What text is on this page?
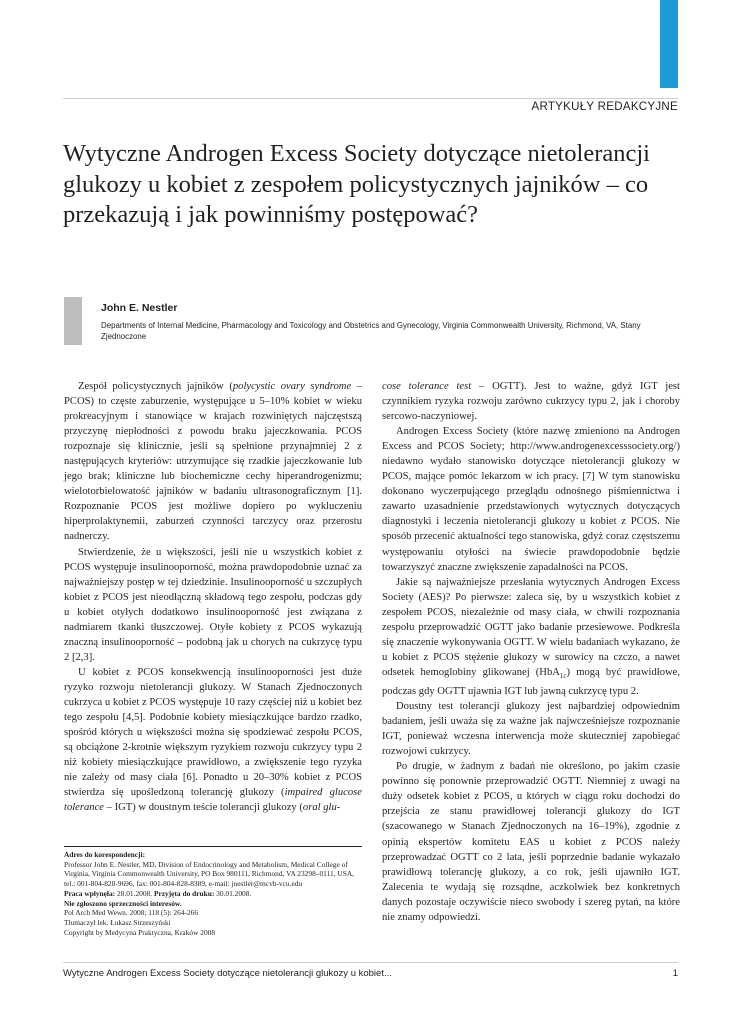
ARTYKUŁY REDAKCYJNE
Wytyczne Androgen Excess Society dotyczące nietolerancji glukozy u kobiet z zespołem policystycznych jajników – co przekazują i jak powinniśmy postępować?
John E. Nestler
Departments of Internal Medicine, Pharmacology and Toxicology and Obstetrics and Gynecology, Virginia Commonwealth University, Richmond, VA, Stany Zjednoczone

Zespół policystycznych jajników (polycystic ovary syndrome – PCOS) to częste zaburzenie, występujące u 5–10% kobiet w wieku prokreacyjnym i stanowiące w krajach rozwiniętych najczęstszą przyczynę niepłodności z powodu braku jajeczkowania. PCOS rozpoznaje się klinicznie, jeśli są spełnione przynajmniej 2 z następujących kryteriów: utrzymujące się rzadkie jajeczkowanie lub jego brak; kliniczne lub biochemiczne cechy hiperandrogenizmu; wielotorbielowatość jajników w badaniu ultrasonograficznym [1]. Rozpoznanie PCOS jest możliwe dopiero po wykluczeniu hiperprolaktynemii, zaburzeń czynności tarczycy oraz przerostu nadnerczy.

Stwierdzenie, że u większości, jeśli nie u wszystkich kobiet z PCOS występuje insulinooporność, można prawdopodobnie uznać za najważniejszy postęp w tej dziedzinie. Insulinooporność u szczupłych kobiet z PCOS jest nieodłączną składową tego zespołu, podczas gdy u kobiet otyłych dodatkowo insulinooporność jest związana z nadmiarem tkanki tłuszczowej. Otyłe kobiety z PCOS wykazują znaczną insulinooporność – podobną jak u chorych na cukrzycę typu 2 [2,3].

U kobiet z PCOS konsekwencją insulinooporności jest duże ryzyko rozwoju nietolerancji glukozy. W Stanach Zjednoczonych cukrzyca u kobiet z PCOS występuje 10 razy częściej niż u kobiet bez tego zespołu [4,5]. Podobnie kobiety miesiączkujące bardzo rzadko, spośród których u większości można się spodziewać zespołu PCOS, są obciążone 2-krotnie większym ryzykiem rozwoju cukrzycy typu 2 niż kobiety miesiączkujące prawidłowo, a zwiększenie tego ryzyka nie zależy od masy ciała [6]. Ponadto u 20–30% kobiet z PCOS stwierdza się upośledzoną tolerancję glukozy (impaired glucose tolerance – IGT) w doustnym teście tolerancji glukozy (oral glu-

cose tolerance test – OGTT). Jest to ważne, gdyż IGT jest czynnikiem ryzyka rozwoju zarówno cukrzycy typu 2, jak i choroby sercowo-naczyniowej.

Androgen Excess Society (które nazwę zmieniono na Androgen Excess and PCOS Society; http://www.androgenexcesssociety.org/) niedawno wydało stanowisko dotyczące nietolerancji glukozy w PCOS, mające pomóc lekarzom w ich pracy. [7] W tym stanowisku dokonano wyczerpującego przeglądu odnośnego piśmiennictwa i zawarto uzasadnienie przedstawionych wytycznych dotyczących diagnostyki i leczenia nietolerancji glukozy u kobiet z PCOS. Nie sposób przecenić aktualności tego stanowiska, gdyż coraz częstszemu występowaniu otyłości na świecie prawdopodobnie będzie towarzyszyć znaczne zwiększenie zapadalności na PCOS.

Jakie są najważniejsze przesłania wytycznych Androgen Excess Society (AES)? Po pierwsze: zaleca się, by u wszystkich kobiet z zespołem PCOS, niezależnie od masy ciała, w chwili rozpoznania zespołu przeprowadzić OGTT jako badanie przesiewowe. Podkreśla się znaczenie wykonywania OGTT. W wielu badaniach wykazano, że u kobiet z PCOS stężenie glukozy w surowicy na czczo, a nawet odsetek hemoglobiny glikowanej (HbA$_{1c}$) mogą być prawidłowe, podczas gdy OGTT ujawnia IGT lub jawną cukrzycę typu 2.

Doustny test tolerancji glukozy jest najbardziej odpowiednim badaniem, jeśli uważa się za ważne jak najwcześniejsze rozpoznanie IGT, ponieważ wczesna interwencja może skuteczniej zapobiegać rozwojowi cukrzycy.

Po drugie, w żadnym z badań nie określono, po jakim czasie powinno się ponownie przeprowadzić OGTT. Niemniej z uwagi na duży odsetek kobiet z PCOS, u których w ciągu roku dochodzi do przejścia ze stanu prawidłowej tolerancji glukozy do IGT (szacowanego w Stanach Zjednoczonych na 16–19%), zgodnie z opinią ekspertów komitetu EAS u kobiet z PCOS należy przeprowadzać OGTT co 2 lata, jeśli poprzednie badanie wykazało prawidłową tolerancję glukozy, a co rok, jeśli ujawniło IGT. Zalecenia te wydają się rozsądne, aczkolwiek bez konkretnych danych pozostaje oczywiście nieco swobody i szereg pytań, na które nie znamy odpowiedzi.

Adres do korespondencji:

Professor John E. Nestler, MD, Division of Endocrinology and Metabolism, Medical College of Virginia, Virginia Commonwealth University, PO Box 980111, Richmond, VA 23298–0111, USA, tel.: 001-804-828-9696, fax: 001-804-828-8389, e-mail: jnestler@mcvh-vcu.edu

Praca wpłynęła: 28.01.2008. Przyjęta do druku: 30.01.2008.

Nie zgłoszono sprzeczności interesów.

Pol Arch Med Wewn. 2008; 118 (5): 264-266

Tłumaczył lek. Łukasz Strzeszyński

Copyright by Medycyna Praktyczna, Kraków 2008

Wytyczne Androgen Excess Society dotyczące nietolerancji glukozy u kobiet...	1
